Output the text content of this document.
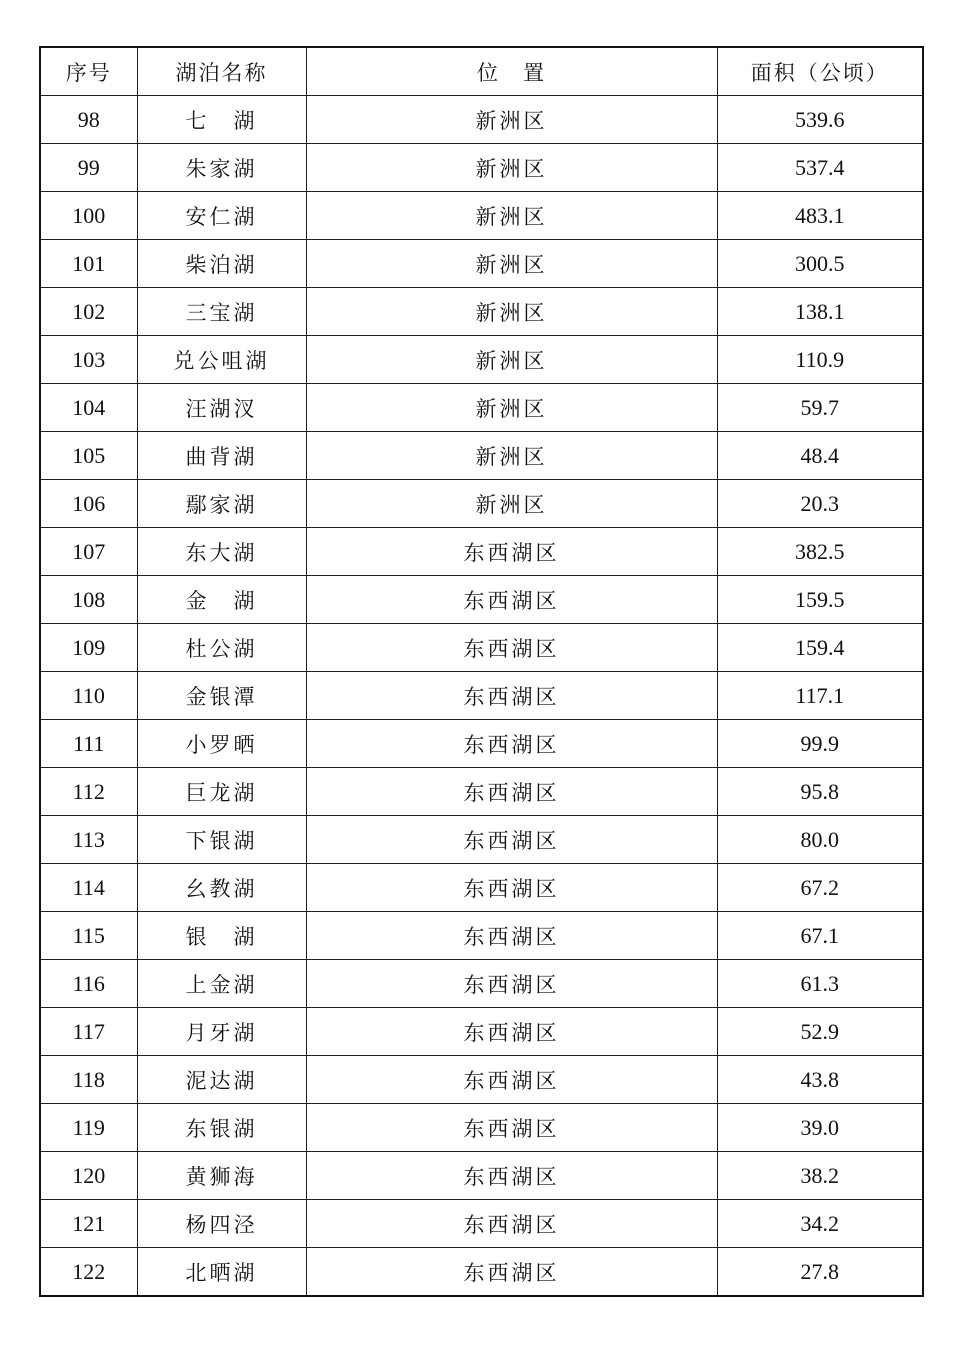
序号	湖泊名称	位　置	面积（公顷）
98	七　湖	新洲区	539.6
99	朱家湖	新洲区	537.4
100	安仁湖	新洲区	483.1
101	柴泊湖	新洲区	300.5
102	三宝湖	新洲区	138.1
103	兑公咀湖	新洲区	110.9
104	汪湖汊	新洲区	59.7
105	曲背湖	新洲区	48.4
106	鄢家湖	新洲区	20.3
107	东大湖	东西湖区	382.5
108	金　湖	东西湖区	159.5
109	杜公湖	东西湖区	159.4
110	金银潭	东西湖区	117.1
111	小罗晒	东西湖区	99.9
112	巨龙湖	东西湖区	95.8
113	下银湖	东西湖区	80.0
114	幺教湖	东西湖区	67.2
115	银　湖	东西湖区	67.1
116	上金湖	东西湖区	61.3
117	月牙湖	东西湖区	52.9
118	泥达湖	东西湖区	43.8
119	东银湖	东西湖区	39.0
120	黄狮海	东西湖区	38.2
121	杨四泾	东西湖区	34.2
122	北晒湖	东西湖区	27.8
